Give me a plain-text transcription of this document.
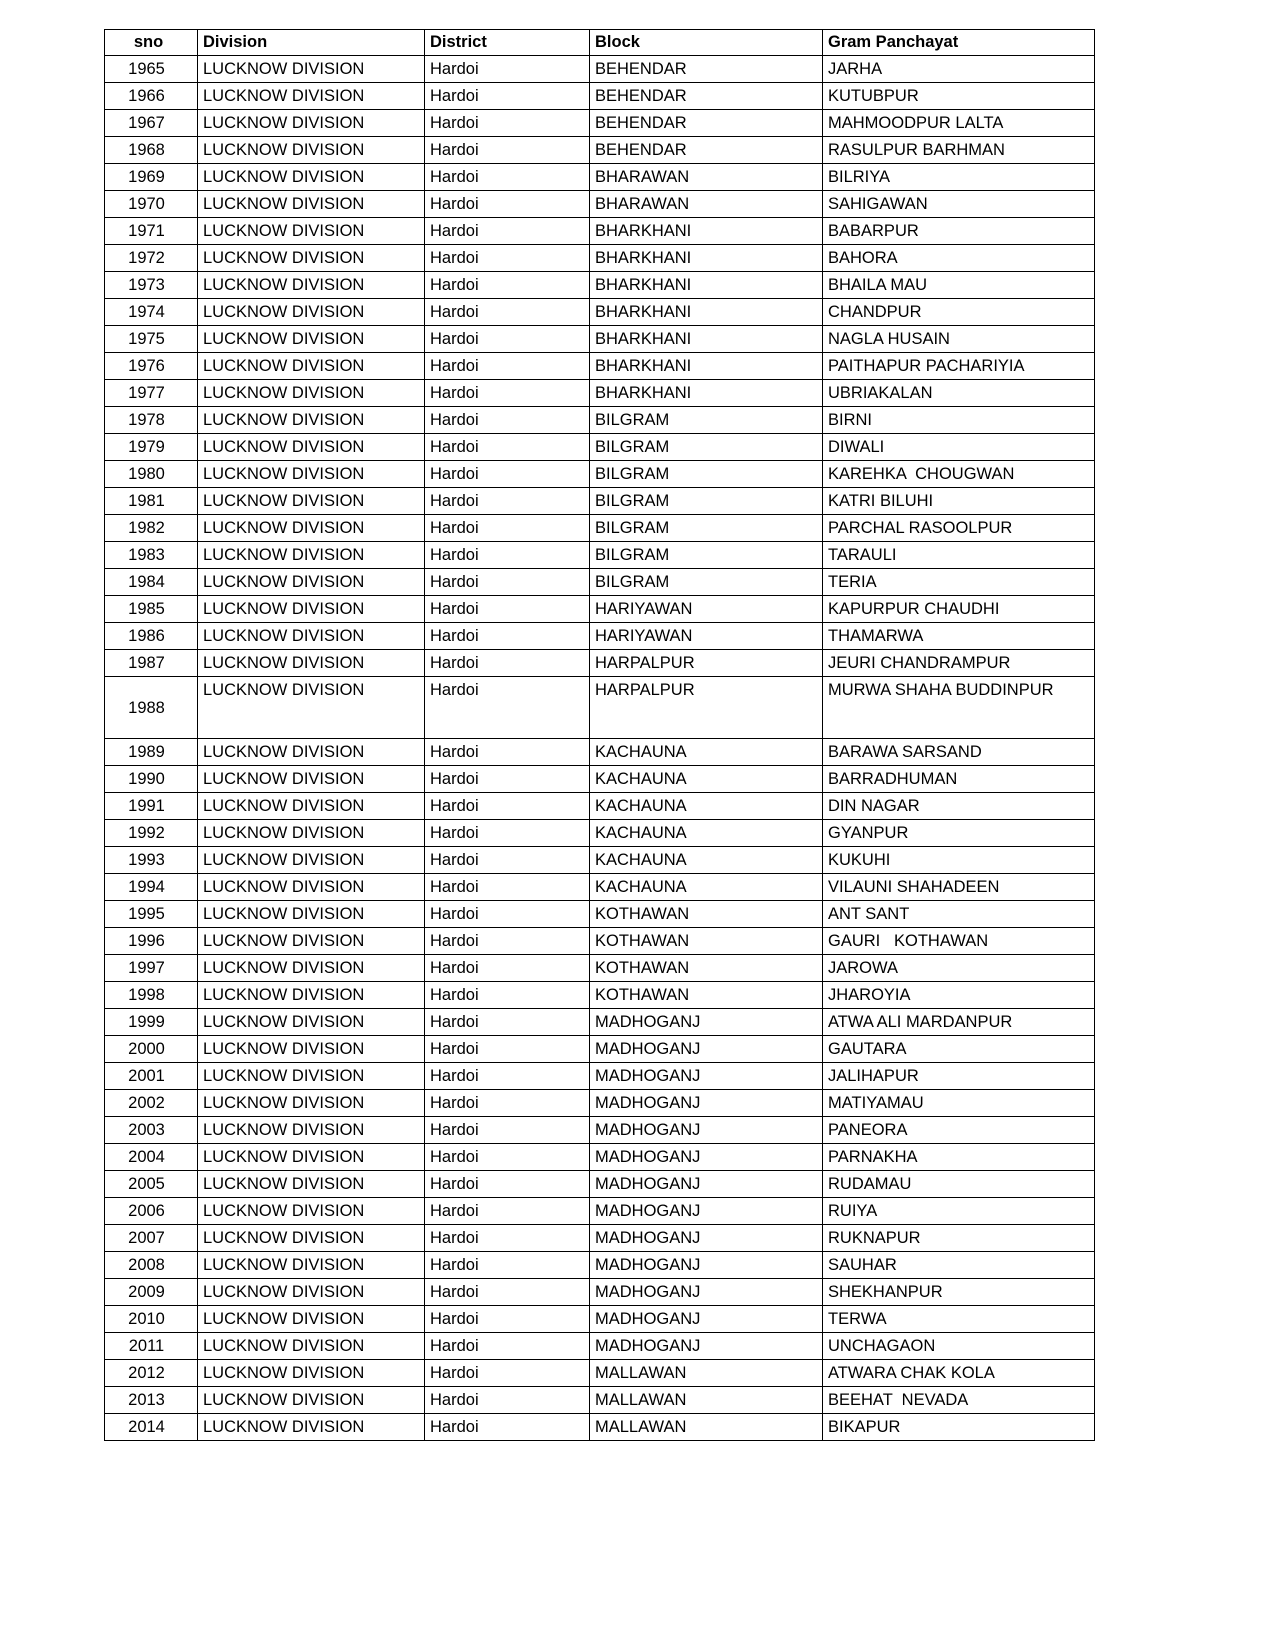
sno	Division	District	Block	Gram Panchayat
1965	LUCKNOW DIVISION	Hardoi	BEHENDAR	JARHA
1966	LUCKNOW DIVISION	Hardoi	BEHENDAR	KUTUBPUR
1967	LUCKNOW DIVISION	Hardoi	BEHENDAR	MAHMOODPUR LALTA
1968	LUCKNOW DIVISION	Hardoi	BEHENDAR	RASULPUR BARHMAN
1969	LUCKNOW DIVISION	Hardoi	BHARAWAN	BILRIYA
1970	LUCKNOW DIVISION	Hardoi	BHARAWAN	SAHIGAWAN
1971	LUCKNOW DIVISION	Hardoi	BHARKHANI	BABARPUR
1972	LUCKNOW DIVISION	Hardoi	BHARKHANI	BAHORA
1973	LUCKNOW DIVISION	Hardoi	BHARKHANI	BHAILA MAU
1974	LUCKNOW DIVISION	Hardoi	BHARKHANI	CHANDPUR
1975	LUCKNOW DIVISION	Hardoi	BHARKHANI	NAGLA HUSAIN
1976	LUCKNOW DIVISION	Hardoi	BHARKHANI	PAITHAPUR PACHARIYIA
1977	LUCKNOW DIVISION	Hardoi	BHARKHANI	UBRIAKALAN
1978	LUCKNOW DIVISION	Hardoi	BILGRAM	BIRNI
1979	LUCKNOW DIVISION	Hardoi	BILGRAM	DIWALI
1980	LUCKNOW DIVISION	Hardoi	BILGRAM	KAREHKA  CHOUGWAN
1981	LUCKNOW DIVISION	Hardoi	BILGRAM	KATRI BILUHI
1982	LUCKNOW DIVISION	Hardoi	BILGRAM	PARCHAL RASOOLPUR
1983	LUCKNOW DIVISION	Hardoi	BILGRAM	TARAULI
1984	LUCKNOW DIVISION	Hardoi	BILGRAM	TERIA
1985	LUCKNOW DIVISION	Hardoi	HARIYAWAN	KAPURPUR CHAUDHI
1986	LUCKNOW DIVISION	Hardoi	HARIYAWAN	THAMARWA
1987	LUCKNOW DIVISION	Hardoi	HARPALPUR	JEURI CHANDRAMPUR
1988	LUCKNOW DIVISION	Hardoi	HARPALPUR	MURWA SHAHA BUDDINPUR
1989	LUCKNOW DIVISION	Hardoi	KACHAUNA	BARAWA SARSAND
1990	LUCKNOW DIVISION	Hardoi	KACHAUNA	BARRADHUMAN
1991	LUCKNOW DIVISION	Hardoi	KACHAUNA	DIN NAGAR
1992	LUCKNOW DIVISION	Hardoi	KACHAUNA	GYANPUR
1993	LUCKNOW DIVISION	Hardoi	KACHAUNA	KUKUHI
1994	LUCKNOW DIVISION	Hardoi	KACHAUNA	VILAUNI SHAHADEEN
1995	LUCKNOW DIVISION	Hardoi	KOTHAWAN	ANT SANT
1996	LUCKNOW DIVISION	Hardoi	KOTHAWAN	GAURI   KOTHAWAN
1997	LUCKNOW DIVISION	Hardoi	KOTHAWAN	JAROWA
1998	LUCKNOW DIVISION	Hardoi	KOTHAWAN	JHAROYIA
1999	LUCKNOW DIVISION	Hardoi	MADHOGANJ	ATWA ALI MARDANPUR
2000	LUCKNOW DIVISION	Hardoi	MADHOGANJ	GAUTARA
2001	LUCKNOW DIVISION	Hardoi	MADHOGANJ	JALIHAPUR
2002	LUCKNOW DIVISION	Hardoi	MADHOGANJ	MATIYAMAU
2003	LUCKNOW DIVISION	Hardoi	MADHOGANJ	PANEORA
2004	LUCKNOW DIVISION	Hardoi	MADHOGANJ	PARNAKHA
2005	LUCKNOW DIVISION	Hardoi	MADHOGANJ	RUDAMAU
2006	LUCKNOW DIVISION	Hardoi	MADHOGANJ	RUIYA
2007	LUCKNOW DIVISION	Hardoi	MADHOGANJ	RUKNAPUR
2008	LUCKNOW DIVISION	Hardoi	MADHOGANJ	SAUHAR
2009	LUCKNOW DIVISION	Hardoi	MADHOGANJ	SHEKHANPUR
2010	LUCKNOW DIVISION	Hardoi	MADHOGANJ	TERWA
2011	LUCKNOW DIVISION	Hardoi	MADHOGANJ	UNCHAGAON
2012	LUCKNOW DIVISION	Hardoi	MALLAWAN	ATWARA CHAK KOLA
2013	LUCKNOW DIVISION	Hardoi	MALLAWAN	BEEHAT  NEVADA
2014	LUCKNOW DIVISION	Hardoi	MALLAWAN	BIKAPUR
